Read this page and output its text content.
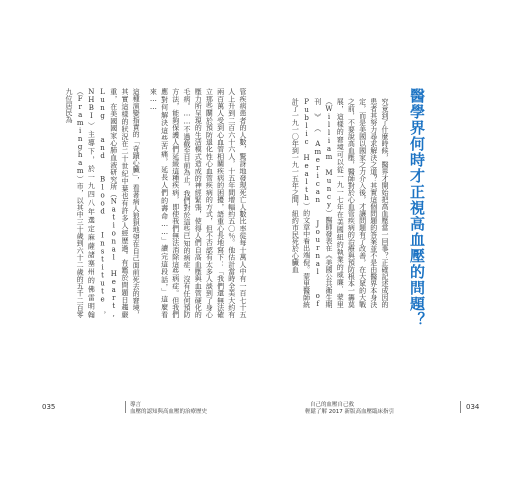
管疾病患者的人數，驚訝地發現死亡人數比率從每十萬人中有一百七十五人上升到二百六十六人，十五年間增幅約五〇％。他估計當時全美大約有兩百萬人受到心血管相關疾病的困擾，語重心長地寫下：「我們還無法確立那些關於預防退化性心血管疾病的方式，但不否認有太多人談到了身心壓力所呈現的生活模式造成的神經緊張，使得人們自高血壓與血管硬化的毛病。……不過截至目前為止，我們對於這些已知的病症，沒有任何預防方法，能夠保護人們延緩這種疾病，即使我們無法消除這些病症。但我們應對何解決這些苦痛，延長人們的壽命……」讀完這段話，」這麼看來……

這種演變指責的「奇蹟心臟」，看著病人狼狽地望在自己面前死去的窘境，其實這樣的狀況在二十世紀中葉也有許多人經歷過。有鑑於問題日趨嚴重，在美國國家心肺血液研究所（National Heart, Lung and Blood Institute，NHBI）主導下，於一九四八年選定麻薩諸塞州的佛雷明翰（Framingham）市，以其中三十歲到六十二歲的五千二百零九位居民為

035	導言
血壓的認知與高血壓的治療歷史
醫學界何時才正視高血壓的問題？

究竟到了什麼時候，醫界才開始把高血壓當一回事？正確記述成因的患者其努力尋求解決之道？其實這個問題的答案並不是由醫界本身決定，而是美國以國家之力介入後，才讓問題有了改善，在大眾的大戰之前，不要說高血壓，醫師對於心血管疾病的治療與預防根本一籌莫展，這樣的窘境可以從一九一七年在美國紐約執業的威廉．蒙里（William Muncy）醫師發表在《美國公共衛生期刊》（American Journal of Public Health）的文章中看出端倪。蒙里醫師統計了一九一〇年到一九一五年之間，紐約市民死於心臟血

自己的血壓自己救
輕鬆了解 2017 新版高血壓臨床指引
034
